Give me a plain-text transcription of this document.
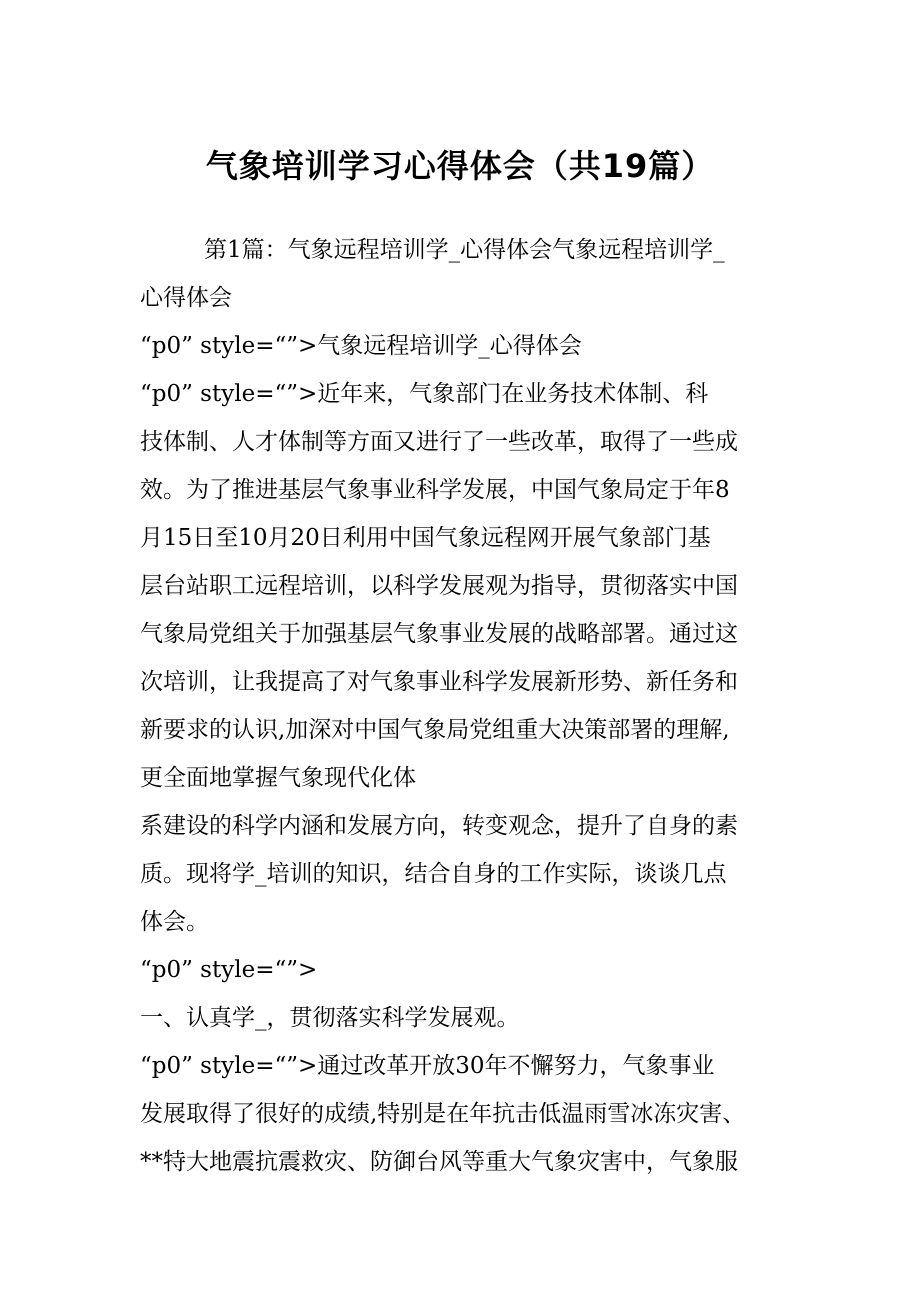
气象培训学习心得体会（共19篇）
第1篇：气象远程培训学_心得体会气象远程培训学_
心得体会
“p0” style=“”>气象远程培训学_心得体会
“p0” style=“”>近年来，气象部门在业务技术体制、科
技体制、人才体制等方面又进行了一些改革，取得了一些成
效。为了推进基层气象事业科学发展，中国气象局定于年8
月15日至10月20日利用中国气象远程网开展气象部门基
层台站职工远程培训，以科学发展观为指导，贯彻落实中国
气象局党组关于加强基层气象事业发展的战略部署。通过这
次培训，让我提高了对气象事业科学发展新形势、新任务和
新要求的认识,加深对中国气象局党组重大决策部署的理解,
更全面地掌握气象现代化体
系建设的科学内涵和发展方向，转变观念，提升了自身的素
质。现将学_培训的知识，结合自身的工作实际，谈谈几点
体会。
“p0” style=“”>
一、认真学_，贯彻落实科学发展观。
“p0” style=“”>通过改革开放30年不懈努力，气象事业
发展取得了很好的成绩,特别是在年抗击低温雨雪冰冻灾害、
**特大地震抗震救灾、防御台风等重大气象灾害中，气象服
